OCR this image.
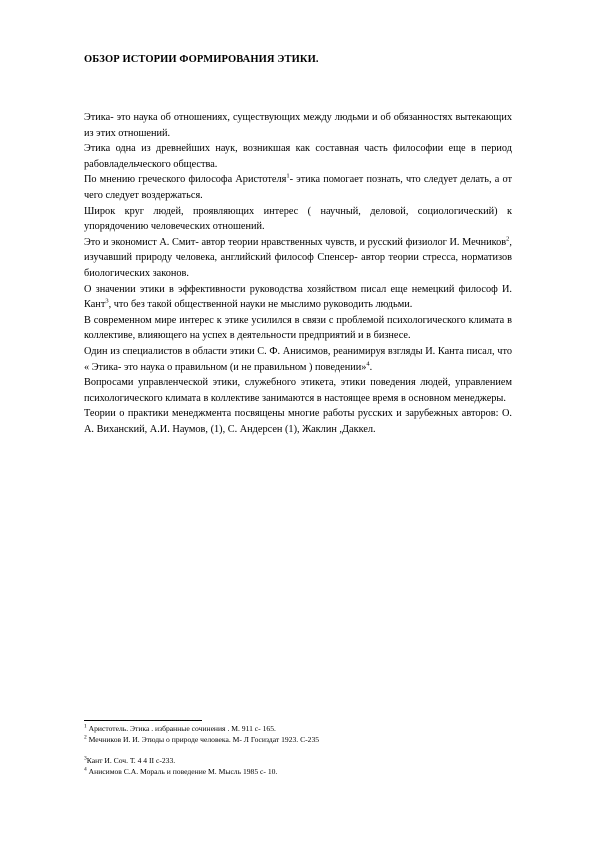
ОБЗОР ИСТОРИИ ФОРМИРОВАНИЯ ЭТИКИ.

Этика- это наука об отношениях, существующих между людьми и об обязанностях вытекающих из этих отношений.

Этика одна из древнейших наук, возникшая как составная часть философии еще в период рабовладельческого общества.

По мнению греческого философа Аристотеля$^1$- этика помогает познать, что следует делать, а от чего следует воздержаться.

Широк круг людей, проявляющих интерес ( научный, деловой, социологический) к упорядочению человеческих отношений.

Это и экономист А. Смит- автор теории нравственных чувств, и русский физиолог И. Мечников$^2$, изучавший природу человека, английский философ Спенсер- автор теории стресса, норматизов биологических законов.

О значении этики в эффективности руководства хозяйством писал еще немецкий философ И. Кант$^3$, что без такой общественной науки не мыслимо руководить людьми.

В современном мире интерес к этике усилился в связи с проблемой психологического климата в коллективе, влияющего на успех в деятельности предприятий и в бизнесе.

Один из специалистов в области этики С. Ф. Анисимов, реанимируя взгляды И. Канта писал, что « Этика- это наука о правильном (и не правильном ) поведении»$^4$.

Вопросами управленческой этики, служебного этикета, этики поведения людей, управлением психологического климата в коллективе занимаются в настоящее время в основном менеджеры.

Теории о практики менеджмента посвящены многие работы русских и зарубежных авторов: О. А. Виханский, А.И. Наумов, (1), С. Андерсен (1), Жаклин ,Даккел.

$^1$ Аристотель. Этика . избранные сочинения . М. 911 с- 165.

$^2$ Мечников И. И. Этюды о природе человека. М- Л Госиздат 1923. С-235

$^3$Кант И. Соч. Т. 4 4 II с-233.

$^4$ Анисимов С.А. Мораль и поведение М. Мысль 1985 с- 10.
